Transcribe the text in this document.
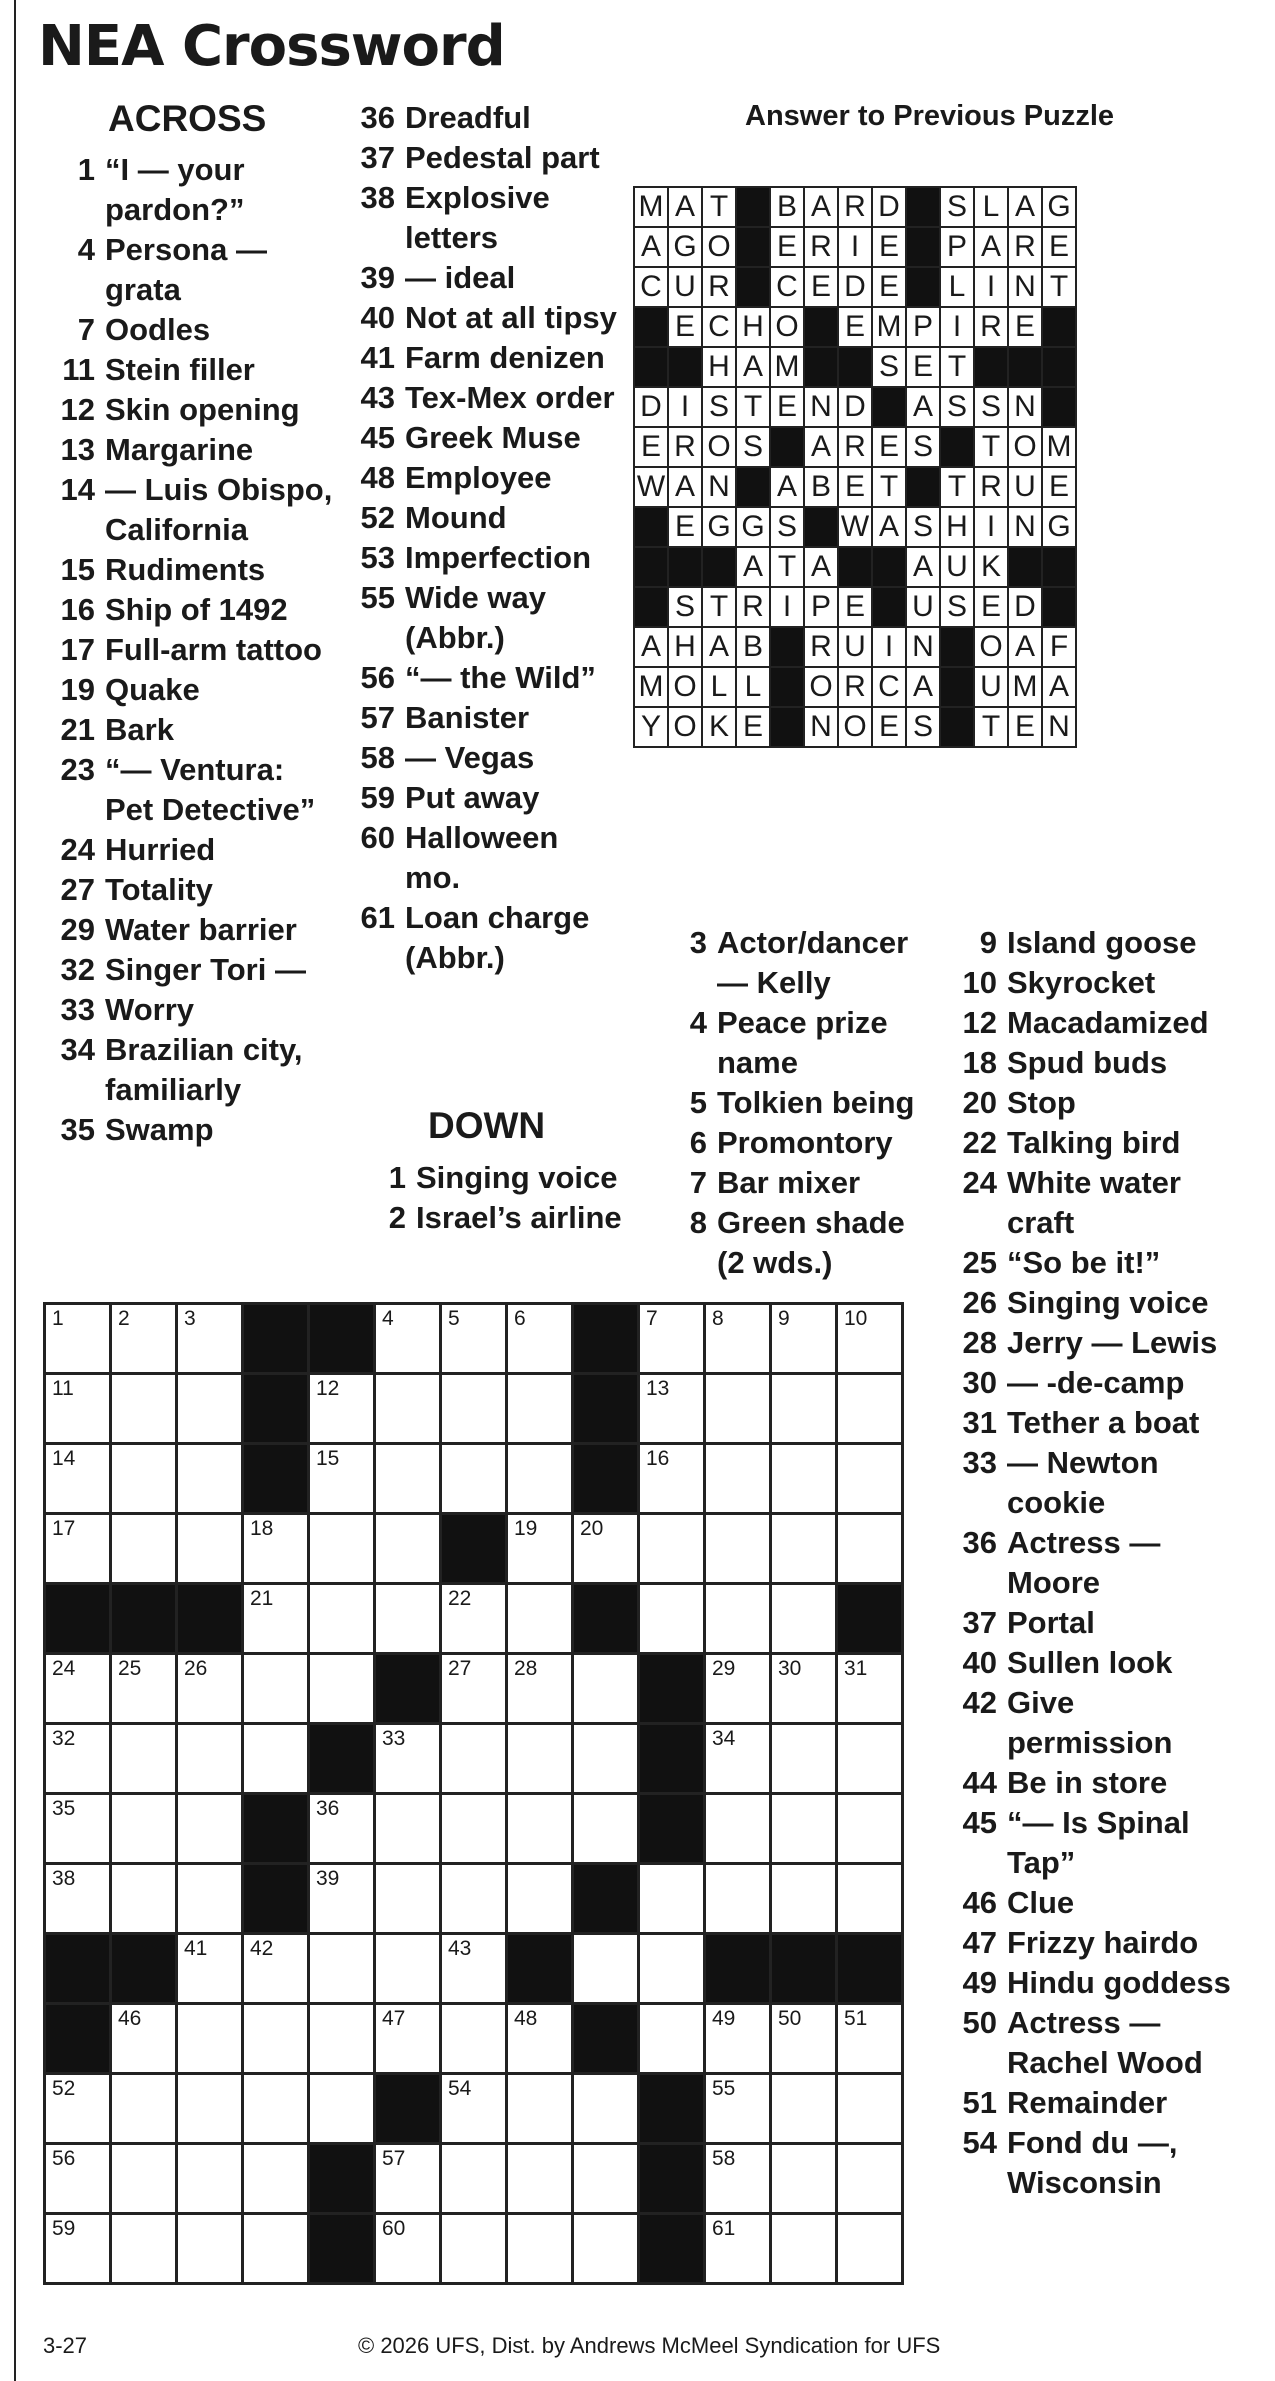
NEA Crossword
ACROSS
DOWN
Answer to Previous Puzzle
1 “I — your pardon?”
4 Persona — grata
7 Oodles
11 Stein filler
12 Skin opening
13 Margarine
14 — Luis Obispo, California
15 Rudiments
16 Ship of 1492
17 Full-arm tattoo
19 Quake
21 Bark
23 “— Ventura: Pet Detective”
24 Hurried
27 Totality
29 Water barrier
32 Singer Tori —
33 Worry
34 Brazilian city, familiarly
35 Swamp
36 Dreadful
37 Pedestal part
38 Explosive letters
39 — ideal
40 Not at all tipsy
41 Farm denizen
43 Tex-Mex order
45 Greek Muse
48 Employee
52 Mound
53 Imperfection
55 Wide way (Abbr.)
56 “— the Wild”
57 Banister
58 — Vegas
59 Put away
60 Halloween mo.
61 Loan charge (Abbr.)
1 Singing voice
2 Israel’s airline
3 Actor/dancer — Kelly
4 Peace prize name
5 Tolkien being
6 Promontory
7 Bar mixer
8 Green shade (2 wds.)
9 Island goose
10 Skyrocket
12 Macadamized
18 Spud buds
20 Stop
22 Talking bird
24 White water craft
25 “So be it!”
26 Singing voice
28 Jerry — Lewis
30 — -de-camp
31 Tether a boat
33 — Newton cookie
36 Actress — Moore
37 Portal
40 Sullen look
42 Give permission
44 Be in store
45 “— Is Spinal Tap”
46 Clue
47 Frizzy hairdo
49 Hindu goddess
50 Actress — Rachel Wood
51 Remainder
54 Fond du —, Wisconsin
M	A	T		B	A	R	D		S	L	A	G
A	G	O		E	R	I	E		P	A	R	E
C	U	R		C	E	D	E		L	I	N	T
	E	C	H	O		E	M	P	I	R	E	
		H	A	M			S	E	T			
D	I	S	T	E	N	D		A	S	S	N	
E	R	O	S		A	R	E	S		T	O	M
W	A	N		A	B	E	T		T	R	U	E
	E	G	G	S		W	A	S	H	I	N	G
			A	T	A			A	U	K		
	S	T	R	I	P	E		U	S	E	D	
A	H	A	B		R	U	I	N		O	A	F
M	O	L	L		O	R	C	A		U	M	A
Y	O	K	E		N	O	E	S		T	E	N
1	2	3			4	5	6		7	8	9	10

11				12					13			

14				15					16			

17			18				19	20				

			21			22						

24	25	26				27	28			29	30	31

32					33					34		

35				36								

38				39								

		41	42			43						

	46				47		48			49	50	51

52						54				55		

56					57					58		

59					60					61		

3-27	© 2026 UFS, Dist. by Andrews McMeel Syndication for UFS
